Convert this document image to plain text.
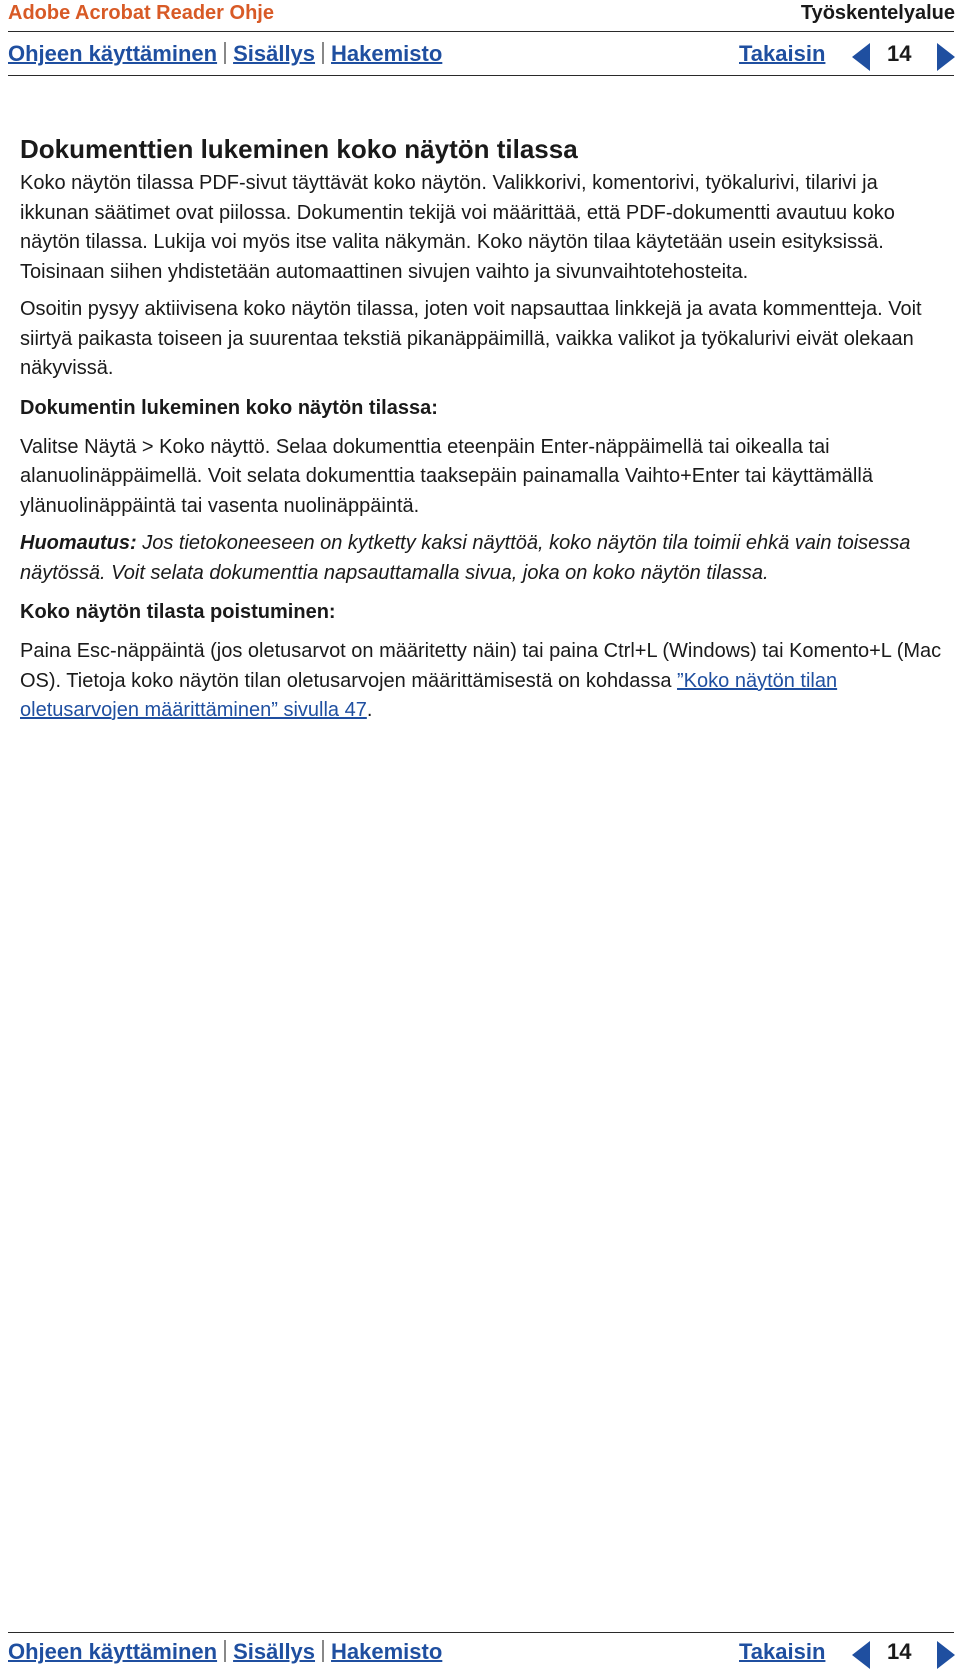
Adobe Acrobat Reader Ohje	Työskentelyalue
Ohjeen käyttäminen Sisällys Hakemisto	Takaisin	14
Dokumenttien lukeminen koko näytön tilassa

Koko näytön tilassa PDF-sivut täyttävät koko näytön. Valikkorivi, komentorivi, työkalurivi, tilarivi ja ikkunan säätimet ovat piilossa. Dokumentin tekijä voi määrittää, että PDF-dokumentti avautuu koko näytön tilassa. Lukija voi myös itse valita näkymän. Koko näytön tilaa käytetään usein esityksissä. Toisinaan siihen yhdistetään automaattinen sivujen vaihto ja sivunvaihtotehosteita.

Osoitin pysyy aktiivisena koko näytön tilassa, joten voit napsauttaa linkkejä ja avata kommentteja. Voit siirtyä paikasta toiseen ja suurentaa tekstiä pikanäppäimillä, vaikka valikot ja työkalurivi eivät olekaan näkyvissä.

Dokumentin lukeminen koko näytön tilassa:

Valitse Näytä > Koko näyttö. Selaa dokumenttia eteenpäin Enter-näppäimellä tai oikealla tai alanuolinäppäimellä. Voit selata dokumenttia taaksepäin painamalla Vaihto+Enter tai käyttämällä ylänuolinäppäintä tai vasenta nuolinäppäintä.

Huomautus: Jos tietokoneeseen on kytketty kaksi näyttöä, koko näytön tila toimii ehkä vain toisessa näytössä. Voit selata dokumenttia napsauttamalla sivua, joka on koko näytön tilassa.

Koko näytön tilasta poistuminen:

Paina Esc-näppäintä (jos oletusarvot on määritetty näin) tai paina Ctrl+L (Windows) tai Komento+L (Mac OS). Tietoja koko näytön tilan oletusarvojen määrittämisestä on kohdassa ”Koko näytön tilan oletusarvojen määrittäminen” sivulla 47.

Ohjeen käyttäminen Sisällys Hakemisto	Takaisin	14
